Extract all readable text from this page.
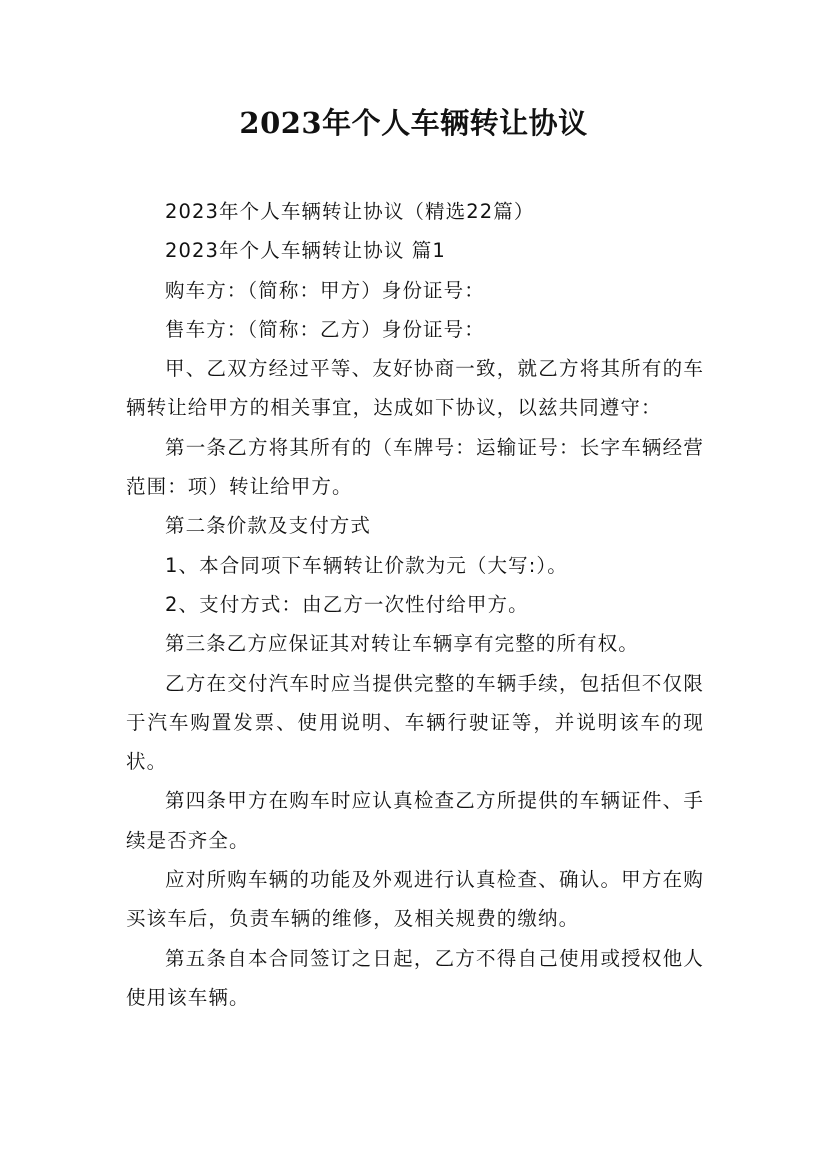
2023年个人车辆转让协议

2023年个人车辆转让协议（精选22篇）

2023年个人车辆转让协议 篇1

购车方：（简称：甲方）身份证号：

售车方：（简称：乙方）身份证号：

甲、乙双方经过平等、友好协商一致，就乙方将其所有的车辆转让给甲方的相关事宜，达成如下协议，以兹共同遵守：

第一条乙方将其所有的（车牌号：运输证号：长字车辆经营范围：项）转让给甲方。

第二条价款及支付方式

1、本合同项下车辆转让价款为元（大写:）。

2、支付方式：由乙方一次性付给甲方。

第三条乙方应保证其对转让车辆享有完整的所有权。

乙方在交付汽车时应当提供完整的车辆手续，包括但不仅限于汽车购置发票、使用说明、车辆行驶证等，并说明该车的现状。

第四条甲方在购车时应认真检查乙方所提供的车辆证件、手续是否齐全。

应对所购车辆的功能及外观进行认真检查、确认。甲方在购买该车后，负责车辆的维修，及相关规费的缴纳。

第五条自本合同签订之日起，乙方不得自己使用或授权他人使用该车辆。
